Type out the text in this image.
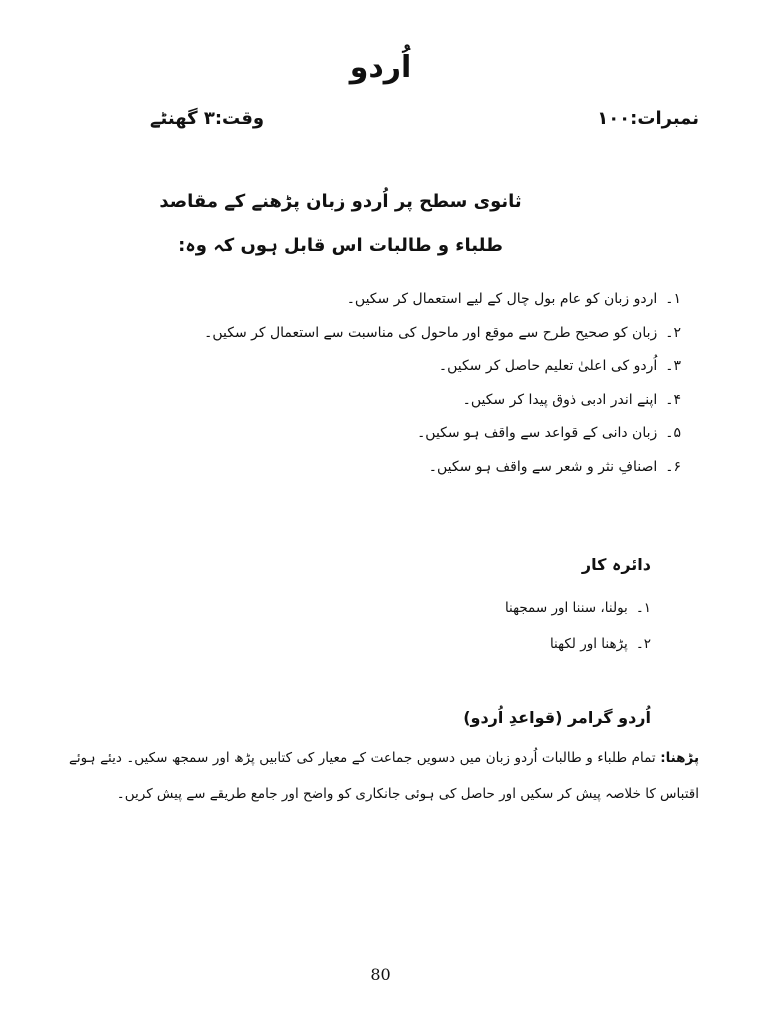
اُردو
نمبرات:۱۰۰
وقت:۳ گھنٹے
ثانوی سطح پر اُردو زبان پڑھنے کے مقاصد
طلباء و طالبات اس قابل ہوں کہ وہ:
۱۔اردو زبان کو عام بول چال کے لیے استعمال کر سکیں۔
۲۔زبان کو صحیح طرح سے موقع اور ماحول کی مناسبت سے استعمال کر سکیں۔
۳۔اُردو کی اعلیٰ تعلیم حاصل کر سکیں۔
۴۔اپنے اندر ادبی ذوق پیدا کر سکیں۔
۵۔زبان دانی کے قواعد سے واقف ہو سکیں۔
۶۔اصنافِ نثر و شعر سے واقف ہو سکیں۔
دائرہ کار
۱۔بولنا، سننا اور سمجھنا
۲۔پڑھنا اور لکھنا
اُردو گرامر (قواعدِ اُردو)
پڑھنا: تمام طلباء و طالبات اُردو زبان میں دسویں جماعت کے معیار کی کتابیں پڑھ اور سمجھ سکیں۔ دیئے ہوئے اقتباس کا خلاصہ پیش کر سکیں اور حاصل کی ہوئی جانکاری کو واضح اور جامع طریقے سے پیش کریں۔
80
